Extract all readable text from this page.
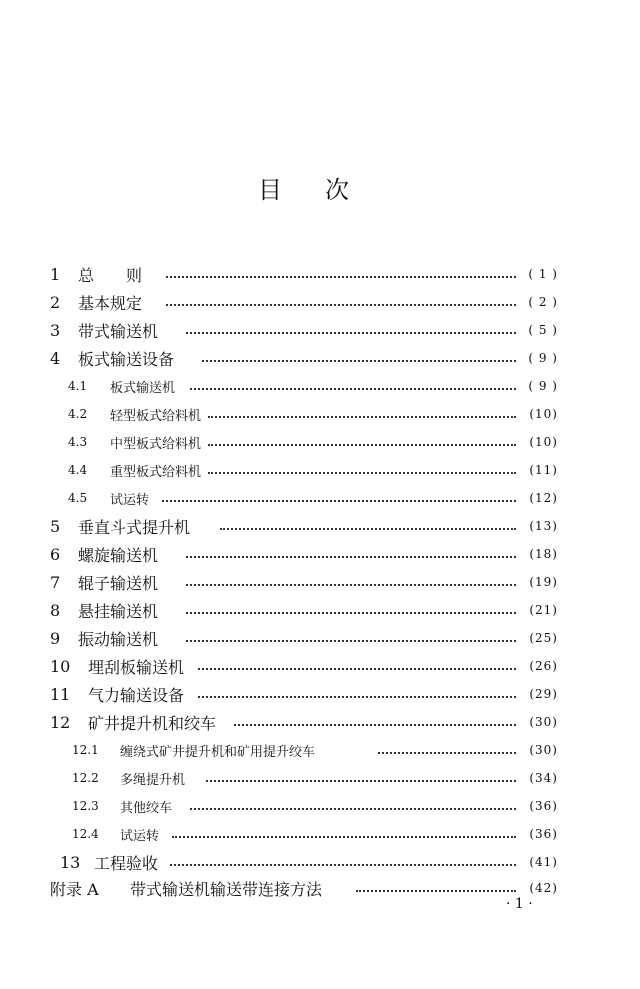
目 次
1 总　　则	( 1 )
2 基本规定	( 2 )
3 带式输送机	( 5 )
4 板式输送设备	( 9 )
4.1 板式输送机	( 9 )
4.2 轻型板式给料机	(10)
4.3 中型板式给料机	(10)
4.4 重型板式给料机	(11)
4.5 试运转	(12)
5 垂直斗式提升机	(13)
6 螺旋输送机	(18)
7 辊子输送机	(19)
8 悬挂输送机	(21)
9 振动输送机	(25)
10 埋刮板输送机	(26)
11 气力输送设备	(29)
12 矿井提升机和绞车	(30)
12.1 缠绕式矿井提升机和矿用提升绞车	(30)
12.2 多绳提升机	(34)
12.3 其他绞车	(36)
12.4 试运转	(36)
13 工程验收	(41)
附录 A 带式输送机输送带连接方法	(42)
· 1 ·
